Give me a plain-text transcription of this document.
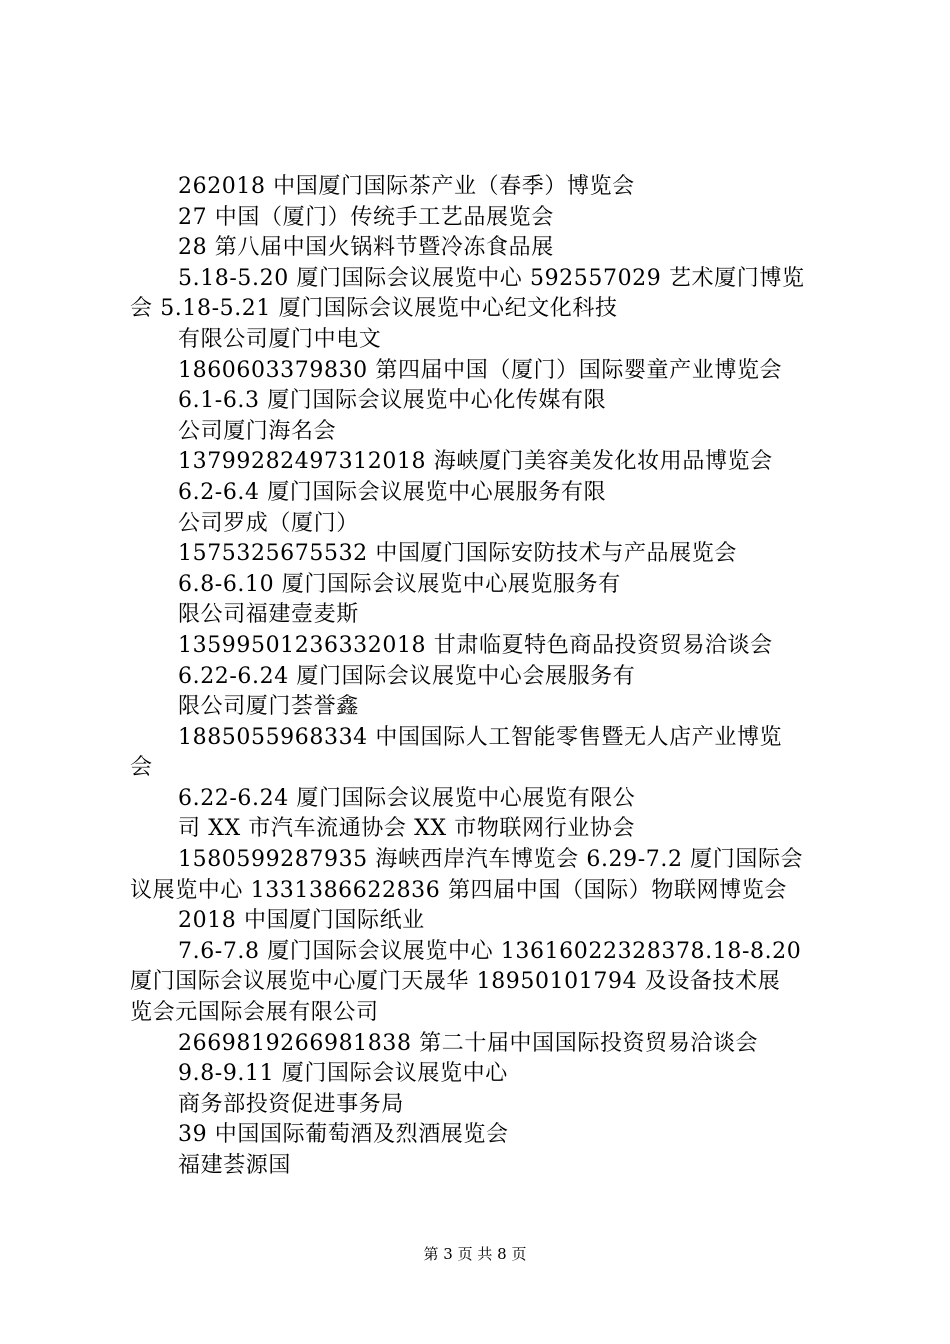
262018 中国厦门国际茶产业（春季）博览会
27 中国（厦门）传统手工艺品展览会
28 第八届中国火锅料节暨冷冻食品展
5.18-5.20 厦门国际会议展览中心 592557029 艺术厦门博览
会 5.18-5.21 厦门国际会议展览中心纪文化科技
有限公司厦门中电文
1860603379830 第四届中国（厦门）国际婴童产业博览会
6.1-6.3 厦门国际会议展览中心化传媒有限
公司厦门海名会
13799282497312018 海峡厦门美容美发化妆用品博览会
6.2-6.4 厦门国际会议展览中心展服务有限
公司罗成（厦门）
1575325675532 中国厦门国际安防技术与产品展览会
6.8-6.10 厦门国际会议展览中心展览服务有
限公司福建壹麦斯
13599501236332018 甘肃临夏特色商品投资贸易洽谈会
6.22-6.24 厦门国际会议展览中心会展服务有
限公司厦门荟誉鑫
1885055968334 中国国际人工智能零售暨无人店产业博览
会
6.22-6.24 厦门国际会议展览中心展览有限公
司 XX 市汽车流通协会 XX 市物联网行业协会
1580599287935 海峡西岸汽车博览会 6.29-7.2 厦门国际会
议展览中心 1331386622836 第四届中国（国际）物联网博览会
2018 中国厦门国际纸业
7.6-7.8 厦门国际会议展览中心 13616022328378.18-8.20
厦门国际会议展览中心厦门天晟华 18950101794 及设备技术展
览会元国际会展有限公司
2669819266981838 第二十届中国国际投资贸易洽谈会
9.8-9.11 厦门国际会议展览中心
商务部投资促进事务局
39 中国国际葡萄酒及烈酒展览会
福建荟源国
第 3 页 共 8 页
